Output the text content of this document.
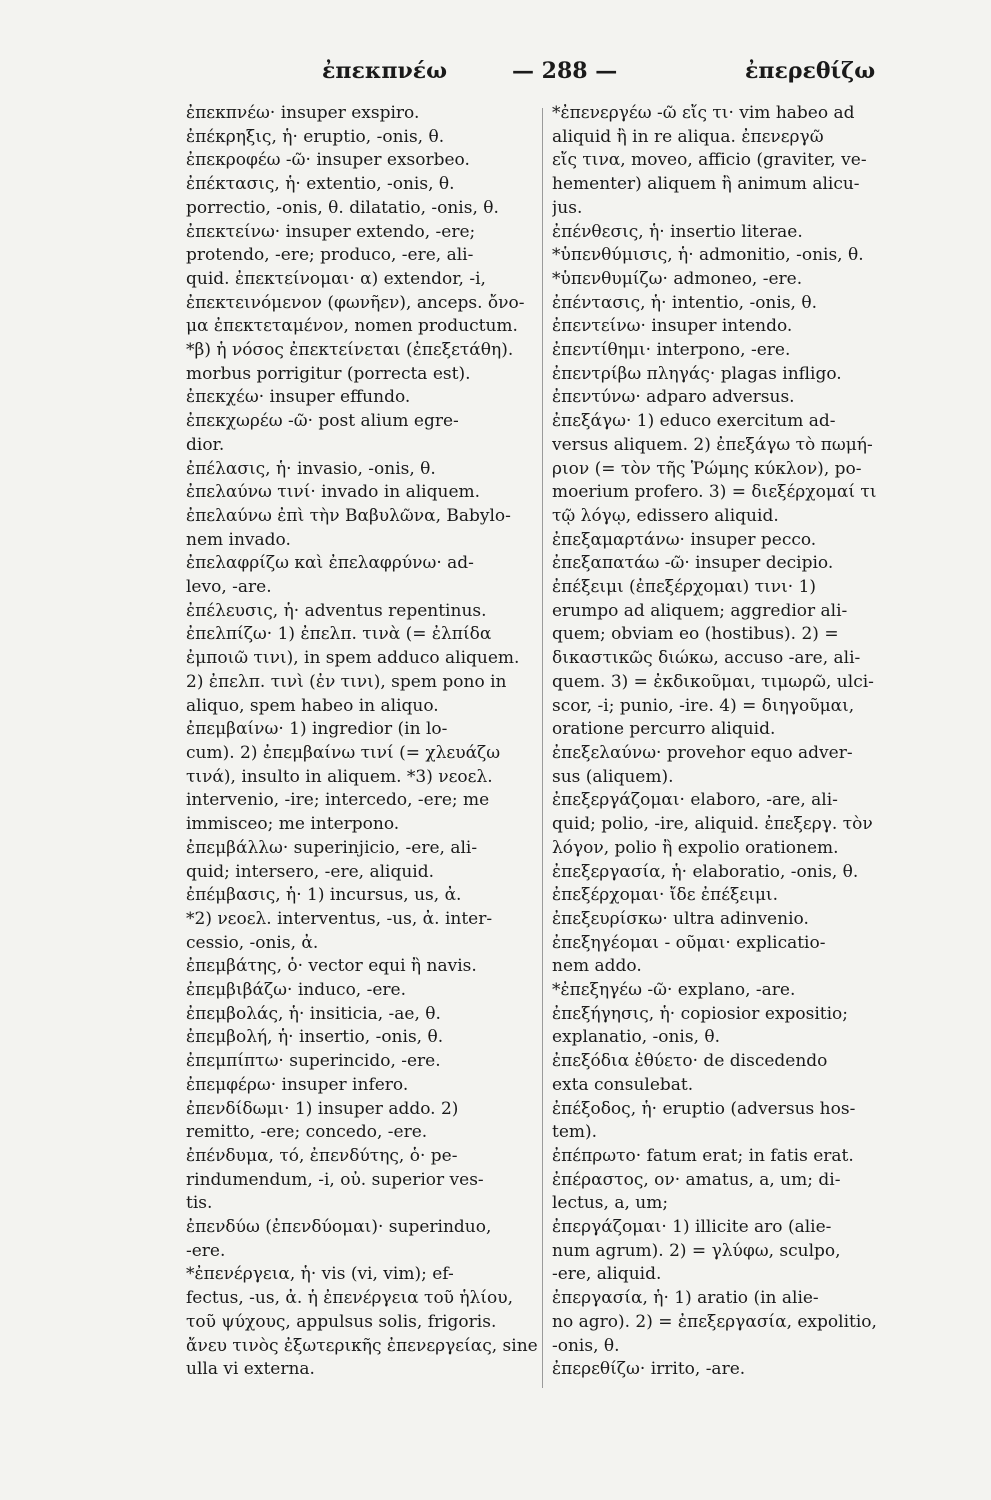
ἐπεκπνέω	— 288 —	ἐπερεθίζω
ἐπεκπνέω· insuper exspiro.
ἐπέκρηξις, ἡ· eruptio, -onis, θ.
ἐπεκροφέω -ῶ· insuper exsorbeo.
ἐπέκτασις, ἡ· extentio, -onis, θ.
porrectio, -onis, θ. dilatatio, -onis, θ.
ἐπεκτείνω· insuper extendo, -ere;
protendo, -ere; produco, -ere, ali-
quid. ἐπεκτείνομαι· α) extendor, -i,
ἐπεκτεινόμενον (φωνῆεν), anceps. ὄνο-
μα ἐπεκτεταμένον, nomen productum.
*β) ἡ νόσος ἐπεκτείνεται (ἐπεξετάθη).
morbus porrigitur (porrecta est).
ἐπεκχέω· insuper effundo.
ἐπεκχωρέω -ῶ· post alium egre-
dior.
ἐπέλασις, ἡ· invasio, -onis, θ.
ἐπελαύνω τινί· invado in aliquem.
ἐπελαύνω ἐπὶ τὴν Βαβυλῶνα, Babylo-
nem invado.
ἐπελαφρίζω καὶ ἐπελαφρύνω· ad-
levo, -are.
ἐπέλευσις, ἡ· adventus repentinus.
ἐπελπίζω· 1) ἐπελπ. τινὰ (= ἐλπίδα
ἐμποιῶ τινι), in spem adduco aliquem.
2) ἐπελπ. τινὶ (ἐν τινι), spem pono in
aliquo, spem habeo in aliquo.
ἐπεμβαίνω· 1) ingredior (in lo-
cum). 2) ἐπεμβαίνω τινί (= χλευάζω
τινά), insulto in aliquem. *3) νεοελ.
intervenio, -ire; intercedo, -ere; me
immisceo; me interpono.
ἐπεμβάλλω· superinjicio, -ere, ali-
quid; intersero, -ere, aliquid.
ἐπέμβασις, ἡ· 1) incursus, us, ἀ.
*2) νεοελ. interventus, -us, ἀ. inter-
cessio, -onis, ἀ.
ἐπεμβάτης, ὁ· vector equi ἢ navis.
ἐπεμβιβάζω· induco, -ere.
ἐπεμβολάς, ἡ· insiticia, -ae, θ.
ἐπεμβολή, ἡ· insertio, -onis, θ.
ἐπεμπίπτω· superincido, -ere.
ἐπεμφέρω· insuper infero.
ἐπενδίδωμι· 1) insuper addo. 2)
remitto, -ere; concedo, -ere.
ἐπένδυμα, τό, ἐπενδύτης, ὁ· pe-
rindumendum, -i, οὐ. superior ves-
tis.
ἐπενδύω (ἐπενδύομαι)· superinduo,
-ere.
*ἐπενέργεια, ἡ· vis (vi, vim); ef-
fectus, -us, ἀ. ἡ ἐπενέργεια τοῦ ἡλίου,
τοῦ ψύχους, appulsus solis, frigoris.
ἄνευ τινὸς ἐξωτερικῆς ἐπενεργείας, sine
ulla vi externa.
*ἐπενεργέω -ῶ εἴς τι· vim habeo ad
aliquid ἢ in re aliqua. ἐπενεργῶ
εἴς τινα, moveo, afficio (graviter, ve-
hementer) aliquem ἢ animum alicu-
jus.
ἐπένθεσις, ἡ· insertio literae.
*ὑπενθύμισις, ἡ· admonitio, -onis, θ.
*ὑπενθυμίζω· admoneo, -ere.
ἐπέντασις, ἡ· intentio, -onis, θ.
ἐπεντείνω· insuper intendo.
ἐπεντίθημι· interpono, -ere.
ἐπεντρίβω πληγάς· plagas infligo.
ἐπεντύνω· adparo adversus.
ἐπεξάγω· 1) educo exercitum ad-
versus aliquem. 2) ἐπεξάγω τὸ πωμή-
ριον (= τὸν τῆς Ῥώμης κύκλον), po-
moerium profero. 3) = διεξέρχομαί τι
τῷ λόγῳ, edissero aliquid.
ἐπεξαμαρτάνω· insuper pecco.
ἐπεξαπατάω -ῶ· insuper decipio.
ἐπέξειμι (ἐπεξέρχομαι) τινι· 1)
erumpo ad aliquem; aggredior ali-
quem; obviam eo (hostibus). 2) =
δικαστικῶς διώκω, accuso -are, ali-
quem. 3) = ἐκδικοῦμαι, τιμωρῶ, ulci-
scor, -i; punio, -ire. 4) = διηγοῦμαι,
oratione percurro aliquid.
ἐπεξελαύνω· provehor equo adver-
sus (aliquem).
ἐπεξεργάζομαι· elaboro, -are, ali-
quid; polio, -ire, aliquid. ἐπεξεργ. τὸν
λόγον, polio ἢ expolio orationem.
ἐπεξεργασία, ἡ· elaboratio, -onis, θ.
ἐπεξέρχομαι· ἴδε ἐπέξειμι.
ἐπεξευρίσκω· ultra adinvenio.
ἐπεξηγέομαι - οῦμαι· explicatio-
nem addo.
*ἐπεξηγέω -ῶ· explano, -are.
ἐπεξήγησις, ἡ· copiosior expositio;
explanatio, -onis, θ.
ἐπεξόδια ἐθύετο· de discedendo
exta consulebat.
ἐπέξοδος, ἡ· eruptio (adversus hos-
tem).
ἐπέπρωτο· fatum erat; in fatis erat.
ἐπέραστος, ον· amatus, a, um; di-
lectus, a, um;
ἐπεργάζομαι· 1) illicite aro (alie-
num agrum). 2) = γλύφω, sculpo,
-ere, aliquid.
ἐπεργασία, ἡ· 1) aratio (in alie-
no agro). 2) = ἐπεξεργασία, expolitio,
-onis, θ.
ἐπερεθίζω· irrito, -are.
